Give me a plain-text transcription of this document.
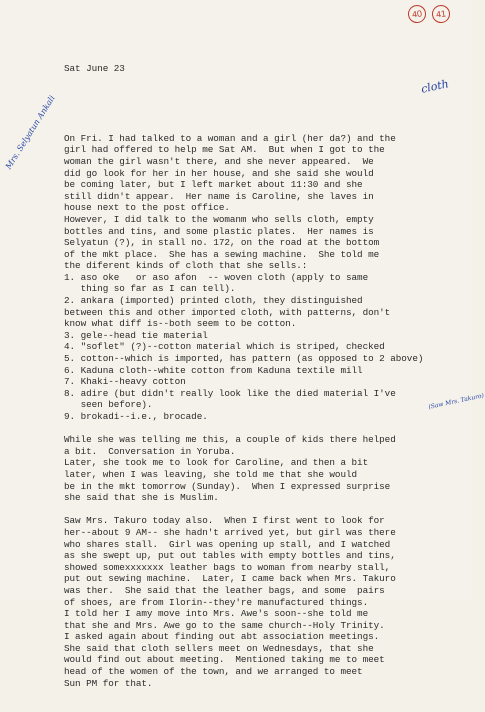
40 41
Mrs. Selyatun Ankali
cloth
(Saw Mrs. Takuro)

Sat June 23

On Fri. I had talked to a woman and a girl (her da?) and the
girl had offered to help me Sat AM.  But when I got to the
woman the girl wasn't there, and she never appeared.  We
did go look for her in her house, and she said she would
be coming later, but I left market about 11:30 and she
still didn't appear.  Her name is Caroline, she laves in
house next to the post office.
However, I did talk to the womanm who sells cloth, empty
bottles and tins, and some plastic plates.  Her names is
Selyatun (?), in stall no. 172, on the road at the bottom
of the mkt place.  She has a sewing machine.  She told me
the diferent kinds of cloth that she sells.:
1. aso oke   or aso afon  -- woven cloth (apply to same
thing so far as I can tell).
2. ankara (imported) printed cloth, they distinguished
between this and other imported cloth, with patterns, don't
know what diff is--both seem to be cotton.
3. gele--head tie material
4. "soflet" (?)--cotton material which is striped, checked
5. cotton--which is imported, has pattern (as opposed to 2 above)
6. Kaduna cloth--white cotton from Kaduna textile mill
7. Khaki--heavy cotton
8. adire (but didn't really look like the died material I've
seen before).
9. brokadi--i.e., brocade.
While she was telling me this, a couple of kids there helped
a bit.  Conversation in Yoruba.
Later, she took me to look for Caroline, and then a bit
later, when I was leaving, she told me that she would
be in the mkt tomorrow (Sunday).  When I expressed surprise
she said that she is Muslim.
Saw Mrs. Takuro today also.  When I first went to look for
her--about 9 AM-- she hadn't arrived yet, but girl was there
who shares stall.  Girl was opening up stall, and I watched
as she swept up, put out tables with empty bottles and tins,
showed somexxxxxxx leather bags to woman from nearby stall,
put out sewing machine.  Later, I came back when Mrs. Takuro
was ther.  She said that the leather bags, and some  pairs
of shoes, are from Ilorin--they're manufactured things.
I told her I amy move into Mrs. Awe's soon--she told me
that she and Mrs. Awe go to the same church--Holy Trinity.
I asked again about finding out abt association meetings.
She said that cloth sellers meet on Wednesdays, that she
would find out about meeting.  Mentioned taking me to meet
head of the women of the town, and we arranged to meet
Sun PM for that.
